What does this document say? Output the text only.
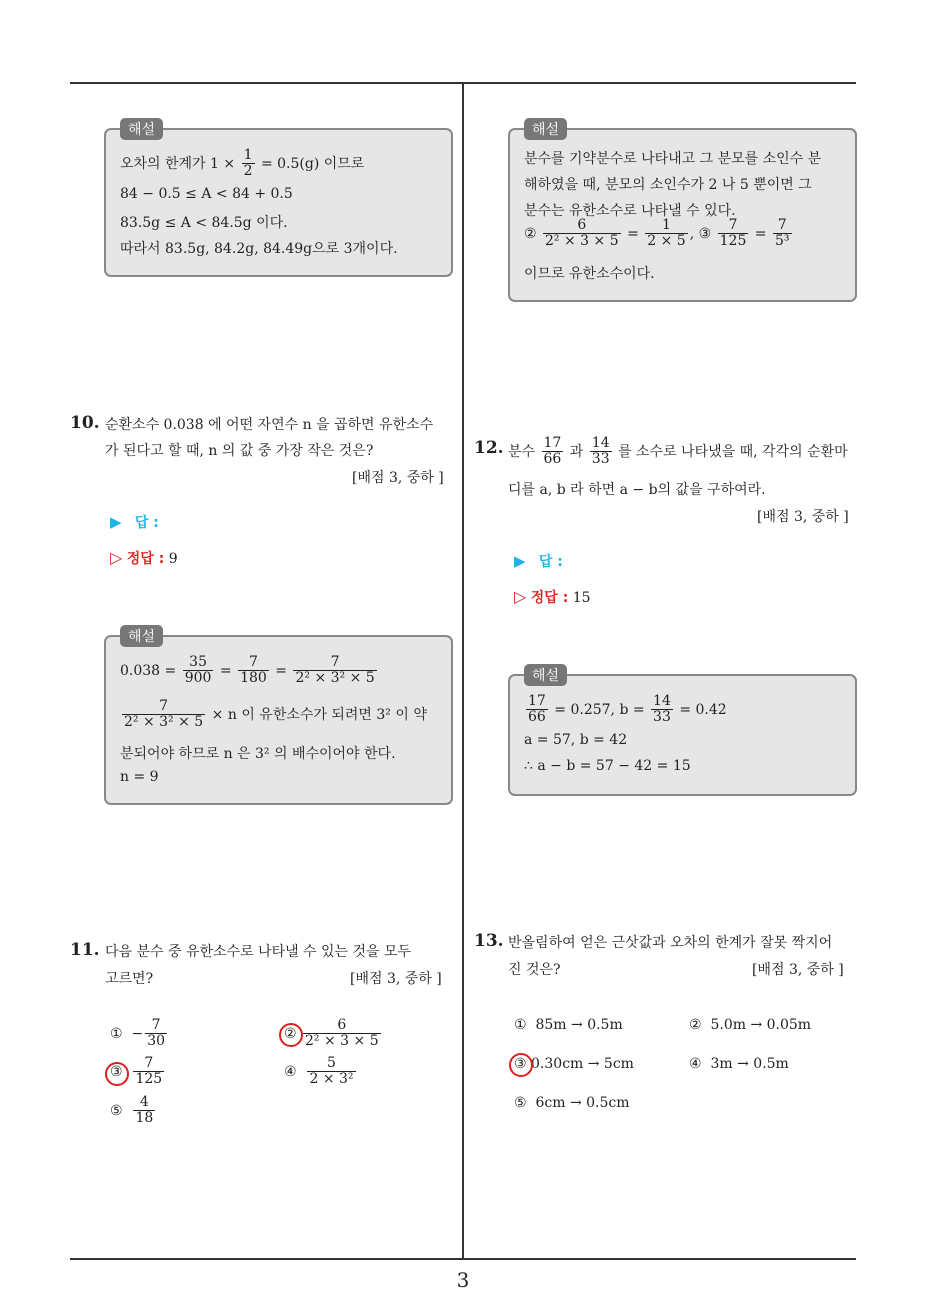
해설
오차의 한계가 $1 \times \frac{1}{2} = 0.5(g)$ 이므로
84 − 0.5 ≤ A < 84 + 0.5
83.5g ≤ A < 84.5g 이다.
따라서 83.5g, 84.2g, 84.49g으로 3개이다.
해설
분수를 기약분수로 나타내고 그 분모를 소인수 분
해하였을 때, 분모의 소인수가 2 나 5 뿐이면 그
분수는 유한소수로 나타낼 수 있다.
② $\frac{6}{\text{2² × 3 × 5}} = \frac{1}{2 \times 5}$ , ③ $\frac{7}{125} = \frac{7}{\text{5³}}$
이므로 유한소수이다.
10. 순환소수 0.038̇ 에 어떤 자연수 n 을 곱하면 유한소수
가 된다고 할 때, n 의 값 중 가장 작은 것은?
[배점 3, 중하 ]
▶ 답 :
▷ 정답 : 9
해설
0.038̇ = $\frac{35}{900} = \frac{7}{180} = \frac{7}{\text{2² × 3² × 5}}$
$\frac{7}{\text{2² × 3² × 5}} \times n$ 이 유한소수가 되려면 3² 이 약
분되어야 하므로 n 은 3² 의 배수이어야 한다.
n = 9
11. 다음 분수 중 유한소수로 나타낼 수 있는 것을 모두
고르면?	[배점 3, 중하 ]
① − $\frac{7}{30}$	② $\frac{6}{\text{2² × 3 × 5}}$
③ $\frac{7}{125}$	④ $\frac{5}{\text{2 × 3²}}$
⑤ $\frac{4}{18}$
12. 분수 $\frac{17}{66}$ 과 $\frac{14}{33}$ 를 소수로 나타냈을 때, 각각의 순환마
디를 a, b 라 하면 a − b의 값을 구하여라.
[배점 3, 중하 ]
▶ 답 :
▷ 정답 : 15
해설
$\frac{17}{66}$ = 0.25̇7̇, $b = \frac{14}{33}$ = 0.4̇2̇
a = 57, b = 42
∴ a − b = 57 − 42 = 15
13. 반올림하여 얻은 근삿값과 오차의 한계가 잘못 짝지어
진 것은?	[배점 3, 중하 ]
① 85m → 0.5m	② 5.0m → 0.05m
③ 0.30cm → 5cm	④ 3m → 0.5m
⑤ 6cm → 0.5cm
3
